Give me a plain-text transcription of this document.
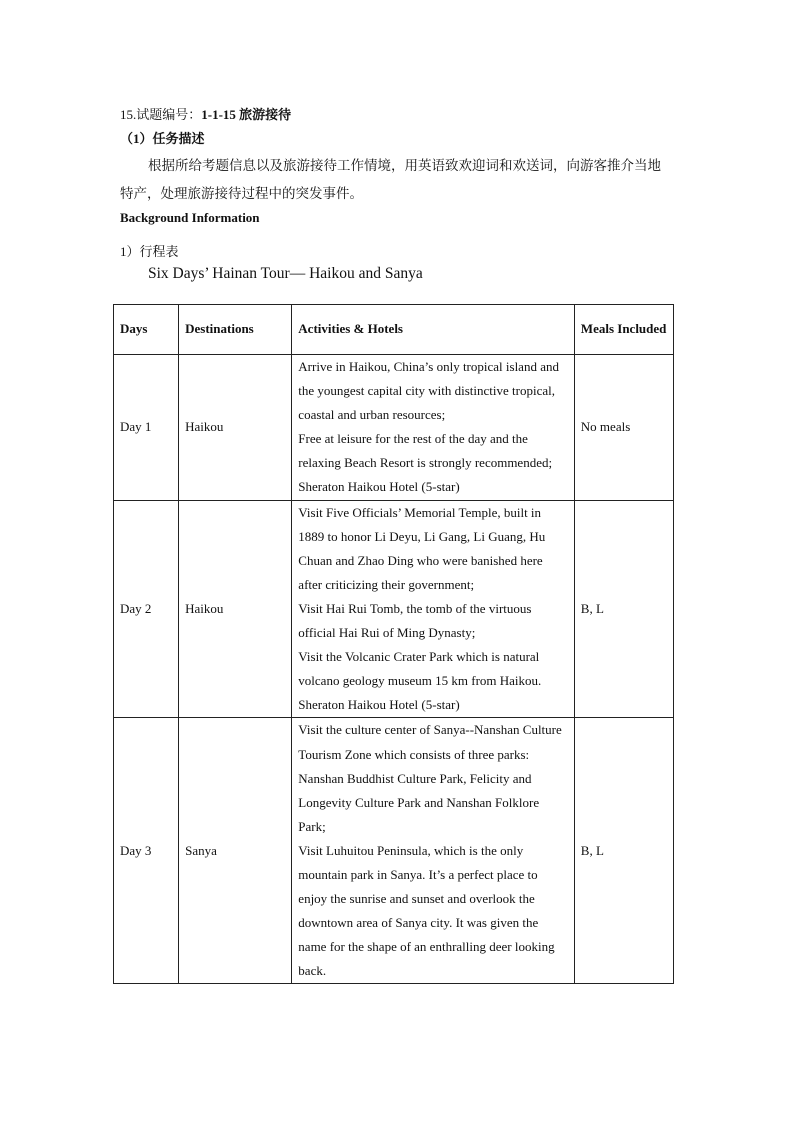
15.试题编号：1-1-15 旅游接待
（1）任务描述
根据所给考题信息以及旅游接待工作情境，用英语致欢迎词和欢送词，向游客推介当地
特产，处理旅游接待过程中的突发事件。
Background Information
1）行程表
Six Days’ Hainan Tour— Haikou and Sanya
Days	Destinations	Activities & Hotels	Meals Included
Day 1	Haikou	Arrive in Haikou, China’s only tropical island and the youngest capital city with distinctive tropical, coastal and urban resources;
Free at leisure for the rest of the day and the relaxing Beach Resort is strongly recommended;
Sheraton Haikou Hotel (5-star)	No meals
Day 2	Haikou	Visit Five Officials’ Memorial Temple, built in 1889 to honor Li Deyu, Li Gang, Li Guang, Hu Chuan and Zhao Ding who were banished here after criticizing their government;
Visit Hai Rui Tomb, the tomb of the virtuous official Hai Rui of Ming Dynasty;
Visit the Volcanic Crater Park which is natural volcano geology museum 15 km from Haikou.
Sheraton Haikou Hotel (5-star)	B, L
Day 3	Sanya	Visit the culture center of Sanya--Nanshan Culture Tourism Zone which consists of three parks: Nanshan Buddhist Culture Park, Felicity and Longevity Culture Park and Nanshan Folklore Park;
Visit Luhuitou Peninsula, which is the only mountain park in Sanya. It’s a perfect place to enjoy the sunrise and sunset and overlook the downtown area of Sanya city. It was given the name for the shape of an enthralling deer looking back.	B, L
